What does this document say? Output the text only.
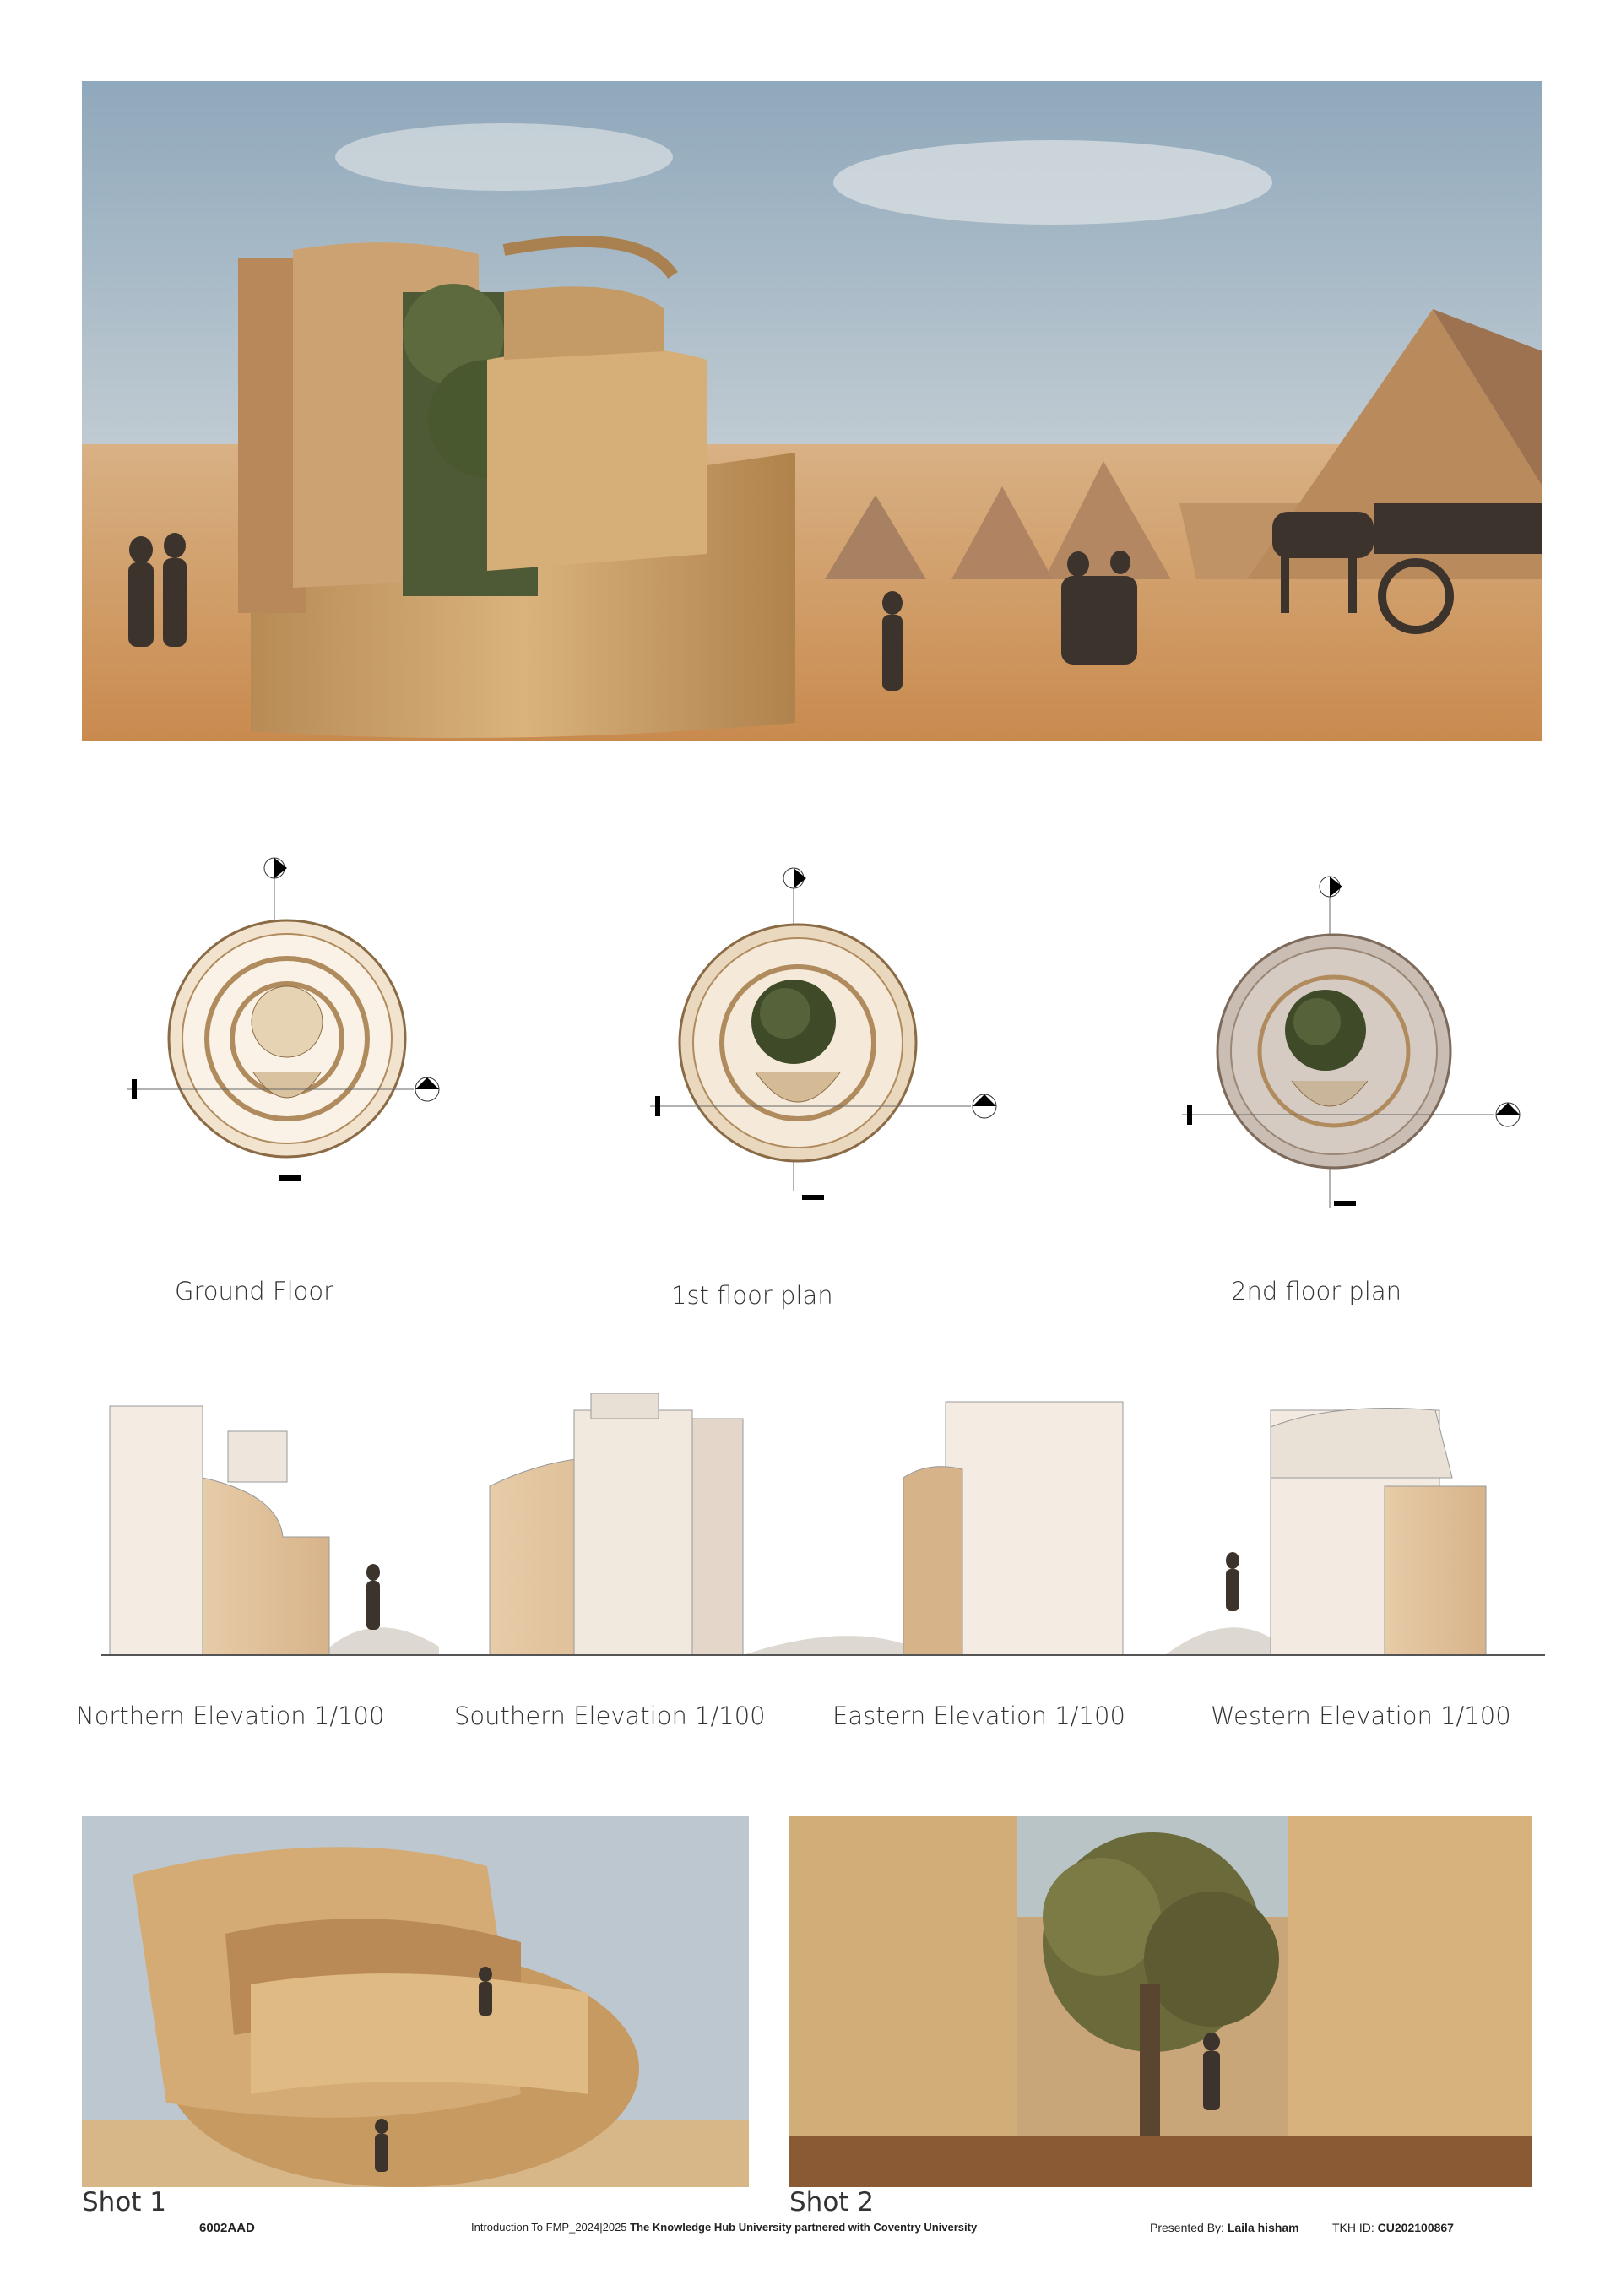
Ground Floor	1st floor plan	2nd floor plan
Northern Elevation 1/100	Southern Elevation 1/100	Eastern Elevation 1/100	Western Elevation 1/100
Shot 1	Shot 2
6002AAD	Introduction To FMP_2024|2025 The Knowledge Hub University partnered with Coventry University	Presented By: Laila hisham	TKH ID: CU202100867
